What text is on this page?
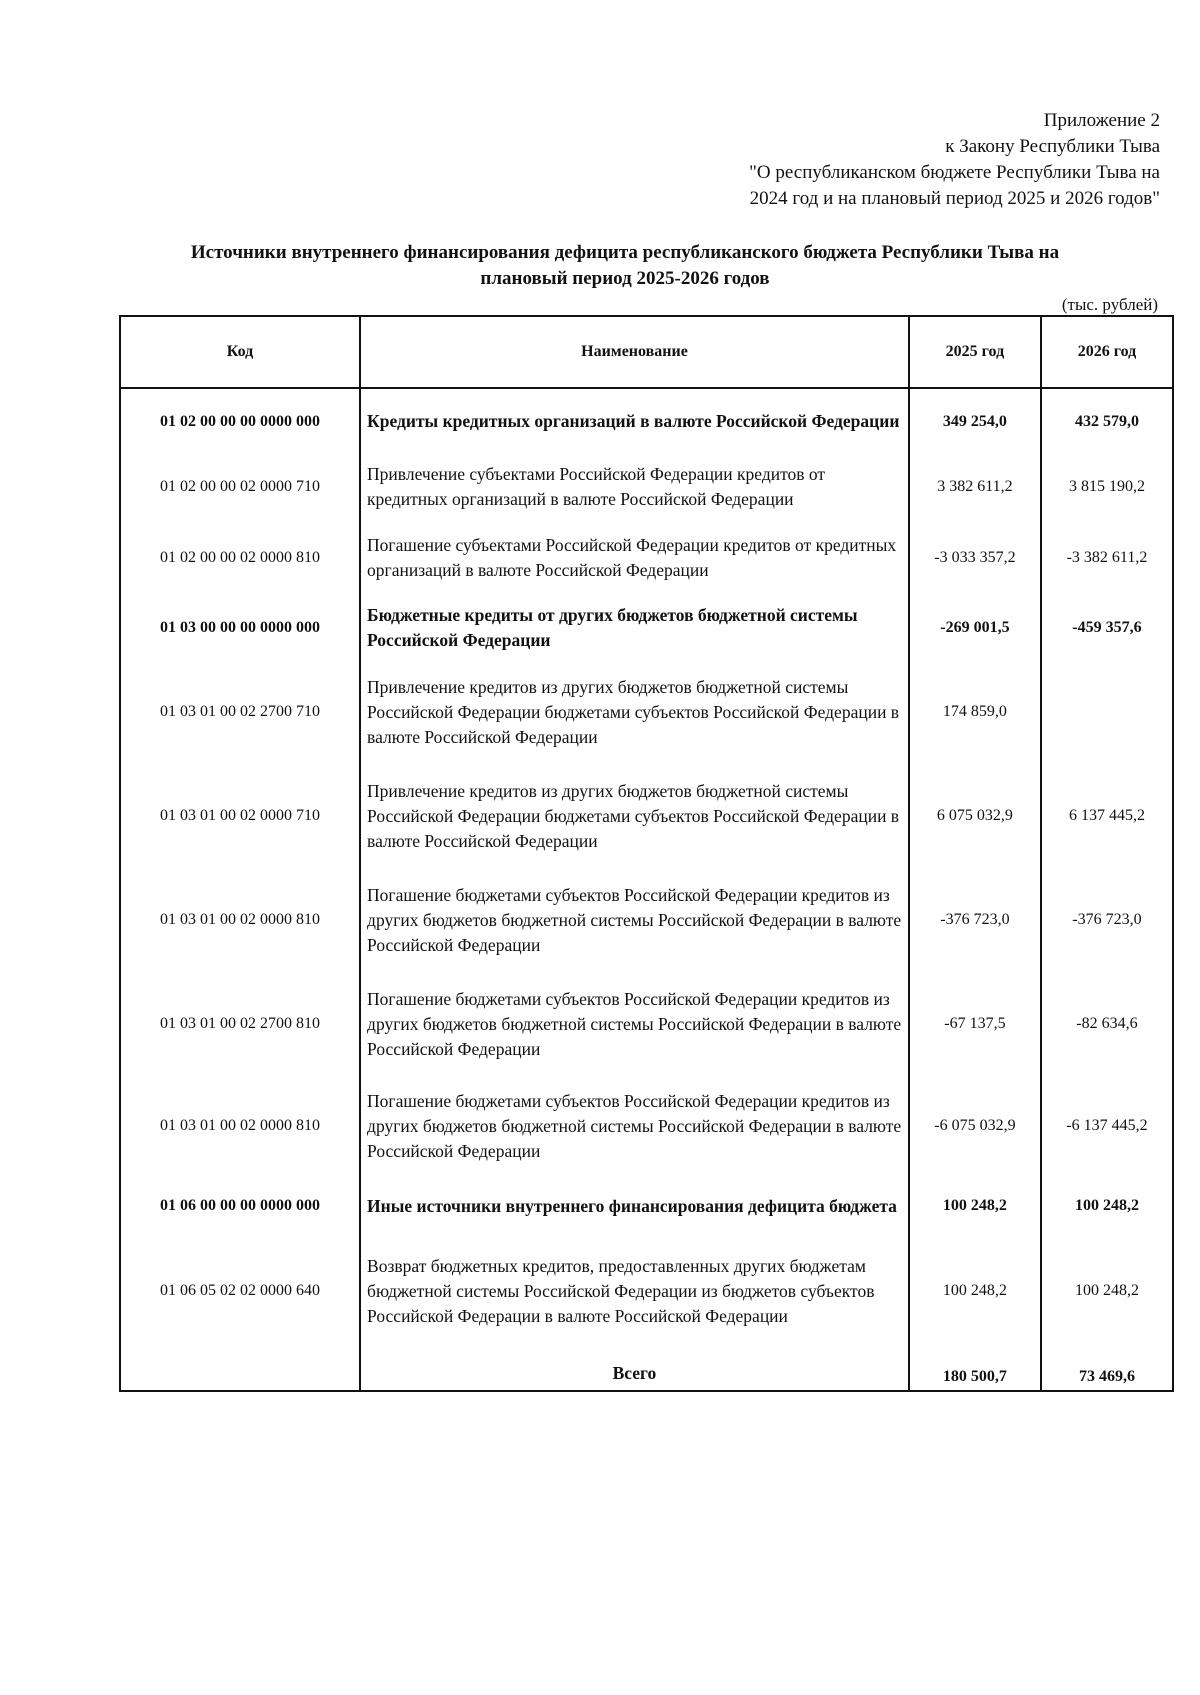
Приложение 2
к Закону Республики Тыва
"О республиканском бюджете Республики Тыва на
2024 год и на плановый период 2025 и 2026 годов"
Источники внутреннего финансирования дефицита республиканского бюджета Республики Тыва на
плановый период 2025-2026 годов
(тыс. рублей)
Код	Наименование	2025 год	2026 год
01 02 00 00 00 0000 000	Кредиты кредитных организаций в валюте Российской Федерации	349 254,0	432 579,0
01 02 00 00 02 0000 710	Привлечение субъектами Российской Федерации кредитов от кредитных организаций в валюте Российской Федерации	3 382 611,2	3 815 190,2
01 02 00 00 02 0000 810	Погашение субъектами Российской Федерации кредитов от кредитных организаций в валюте Российской Федерации	-3 033 357,2	-3 382 611,2
01 03 00 00 00 0000 000	Бюджетные кредиты от других бюджетов бюджетной системы Российской Федерации	-269 001,5	-459 357,6
01 03 01 00 02 2700 710	Привлечение кредитов из других бюджетов бюджетной системы Российской Федерации бюджетами субъектов Российской Федерации в валюте Российской Федерации	174 859,0	
01 03 01 00 02 0000 710	Привлечение кредитов из других бюджетов бюджетной системы Российской Федерации бюджетами субъектов Российской Федерации в валюте Российской Федерации	6 075 032,9	6 137 445,2
01 03 01 00 02 0000 810	Погашение бюджетами субъектов Российской Федерации кредитов из других бюджетов бюджетной системы Российской Федерации в валюте Российской Федерации	-376 723,0	-376 723,0
01 03 01 00 02 2700 810	Погашение бюджетами субъектов Российской Федерации кредитов из других бюджетов бюджетной системы Российской Федерации в валюте Российской Федерации	-67 137,5	-82 634,6
01 03 01 00 02 0000 810	Погашение бюджетами субъектов Российской Федерации кредитов из других бюджетов бюджетной системы Российской Федерации в валюте Российской Федерации	-6 075 032,9	-6 137 445,2
01 06 00 00 00 0000 000	Иные источники внутреннего финансирования дефицита бюджета	100 248,2	100 248,2
01 06 05 02 02 0000 640	Возврат бюджетных кредитов, предоставленных других бюджетам бюджетной системы Российской Федерации из бюджетов субъектов Российской Федерации в валюте Российской Федерации	100 248,2	100 248,2
	Всего	180 500,7	73 469,6
